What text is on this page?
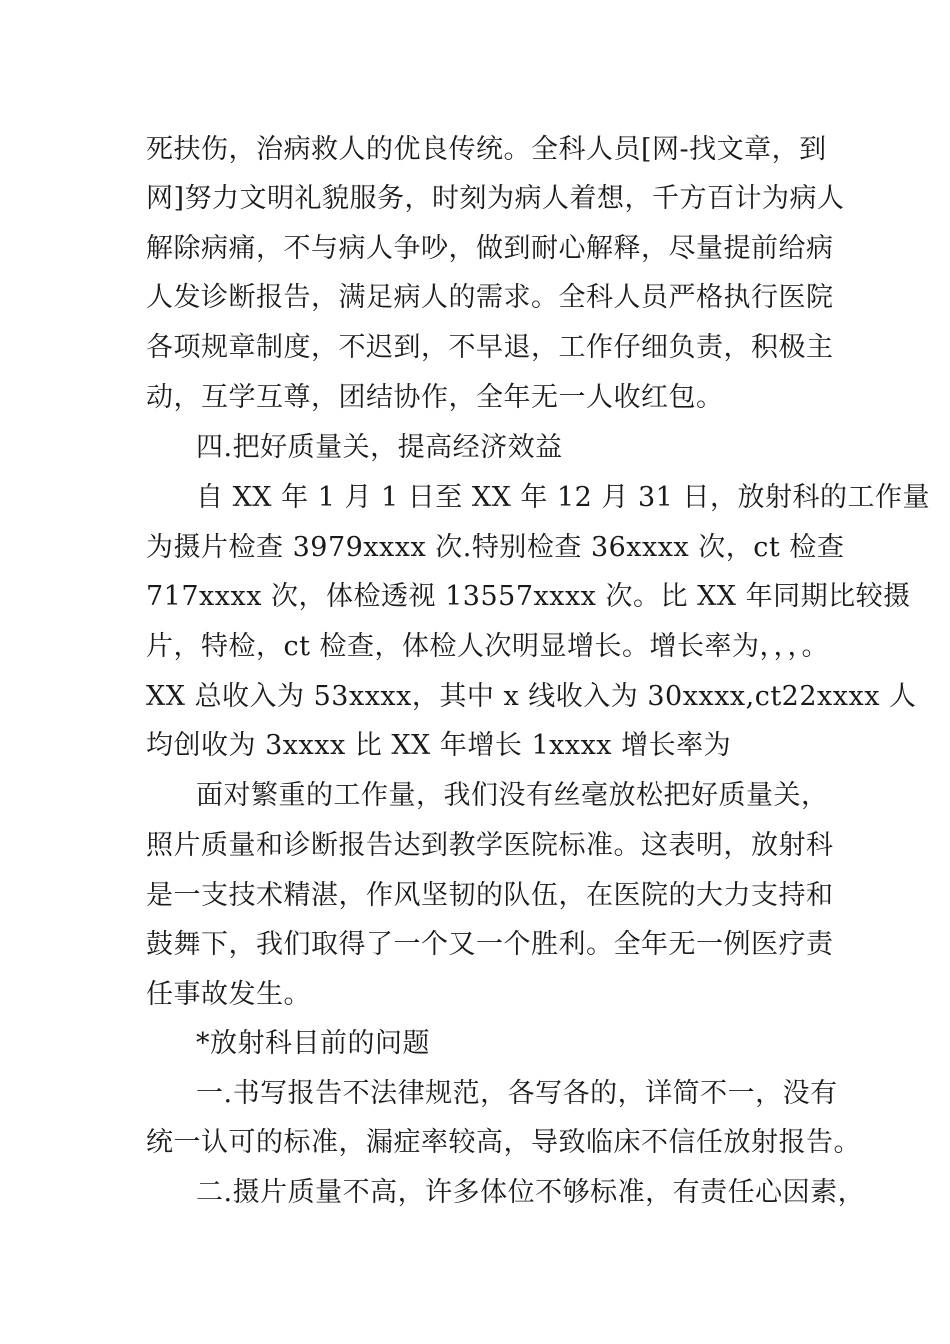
死扶伤，治病救人的优良传统。全科人员[网-找文章，到
网]努力文明礼貌服务，时刻为病人着想，千方百计为病人
解除病痛，不与病人争吵，做到耐心解释，尽量提前给病
人发诊断报告，满足病人的需求。全科人员严格执行医院
各项规章制度，不迟到，不早退，工作仔细负责，积极主
动，互学互尊，团结协作，全年无一人收红包。
四.把好质量关，提高经济效益
自 XX 年 1 月 1 日至 XX 年 12 月 31 日，放射科的工作量
为摄片检查 3979xxxx 次.特别检查 36xxxx 次，ct 检查
717xxxx 次，体检透视 13557xxxx 次。比 XX 年同期比较摄
片，特检，ct 检查，体检人次明显增长。增长率为，，，。
XX 总收入为 53xxxx，其中 x 线收入为 30xxxx,ct22xxxx 人
均创收为 3xxxx 比 XX 年增长 1xxxx 增长率为
面对繁重的工作量，我们没有丝毫放松把好质量关，
照片质量和诊断报告达到教学医院标准。这表明，放射科
是一支技术精湛，作风坚韧的队伍，在医院的大力支持和
鼓舞下，我们取得了一个又一个胜利。全年无一例医疗责
任事故发生。
*放射科目前的问题
一.书写报告不法律规范，各写各的，详简不一，没有
统一认可的标准，漏症率较高，导致临床不信任放射报告。
二.摄片质量不高，许多体位不够标准，有责任心因素，
